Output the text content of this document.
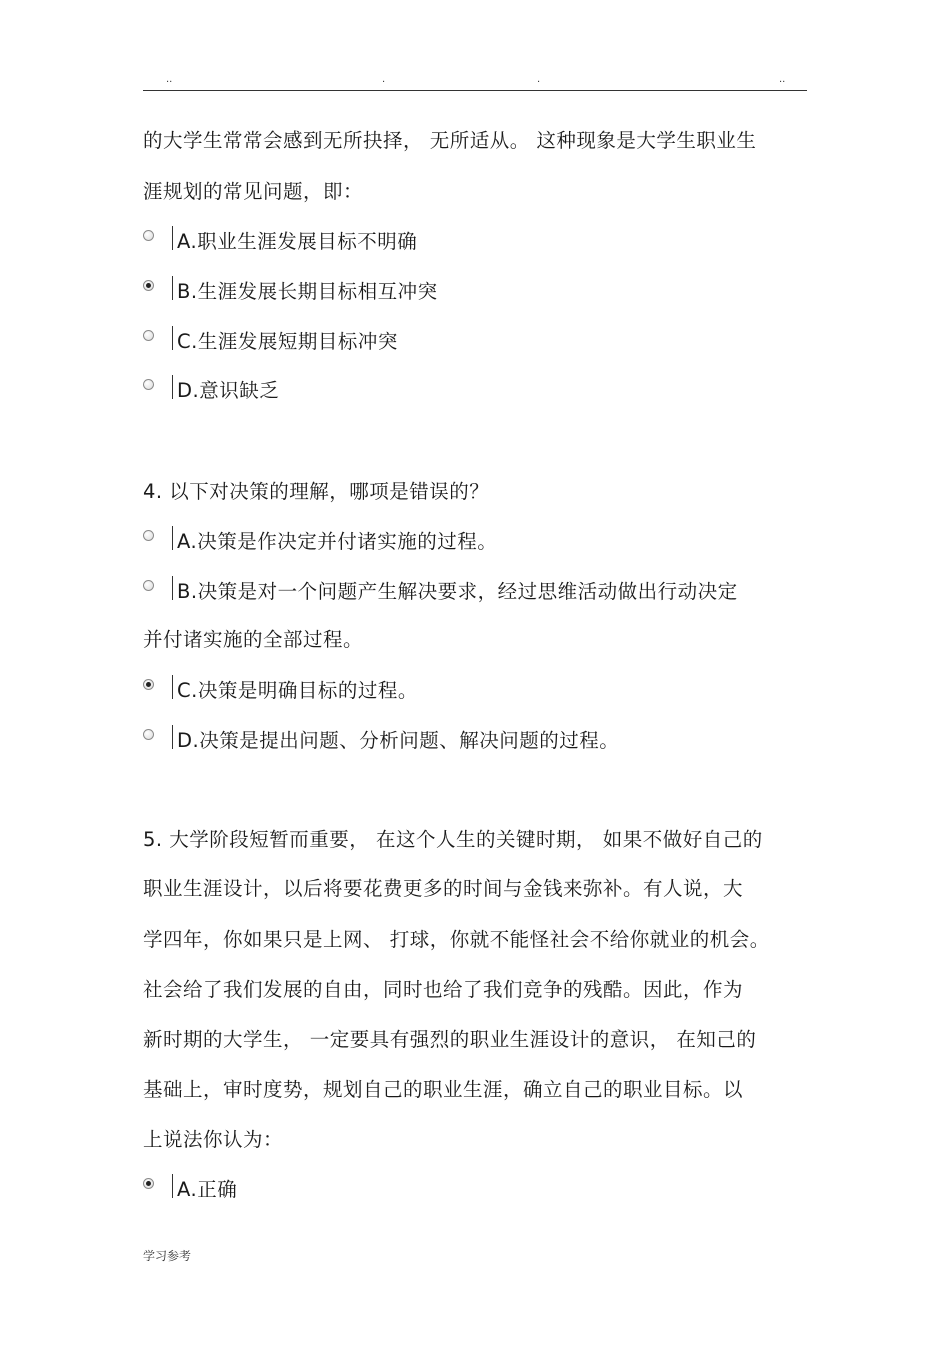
..	.	.	..
的大学生常常会感到无所抉择， 无所适从。 这种现象是大学生职业生
涯规划的常见问题，即：
A.职业生涯发展目标不明确
B.生涯发展长期目标相互冲突
C.生涯发展短期目标冲突
D.意识缺乏
4. 以下对决策的理解，哪项是错误的？
A.决策是作决定并付诸实施的过程。
B.决策是对一个问题产生解决要求，经过思维活动做出行动决定
并付诸实施的全部过程。
C.决策是明确目标的过程。
D.决策是提出问题、分析问题、解决问题的过程。
5. 大学阶段短暂而重要， 在这个人生的关键时期， 如果不做好自己的
职业生涯设计，以后将要花费更多的时间与金钱来弥补。有人说，大
学四年，你如果只是上网、 打球，你就不能怪社会不给你就业的机会。
社会给了我们发展的自由，同时也给了我们竞争的残酷。因此，作为
新时期的大学生， 一定要具有强烈的职业生涯设计的意识， 在知己的
基础上，审时度势，规划自己的职业生涯，确立自己的职业目标。以
上说法你认为：
A.正确
学习参考
